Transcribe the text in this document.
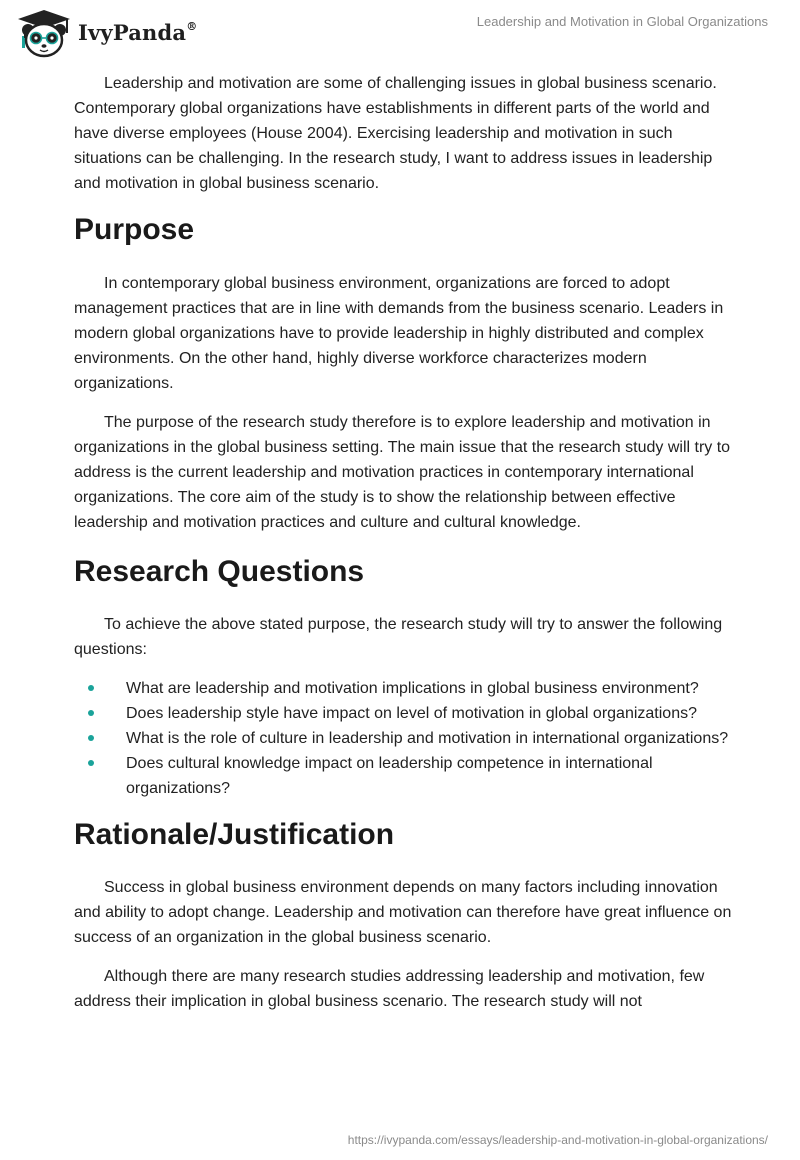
IvyPanda®	Leadership and Motivation in Global Organizations

Leadership and motivation are some of challenging issues in global business scenario. Contemporary global organizations have establishments in different parts of the world and have diverse employees (House 2004). Exercising leadership and motivation in such situations can be challenging. In the research study, I want to address issues in leadership and motivation in global business scenario.

Purpose

In contemporary global business environment, organizations are forced to adopt management practices that are in line with demands from the business scenario. Leaders in modern global organizations have to provide leadership in highly distributed and complex environments. On the other hand, highly diverse workforce characterizes modern organizations.

The purpose of the research study therefore is to explore leadership and motivation in organizations in the global business setting. The main issue that the research study will try to address is the current leadership and motivation practices in contemporary international organizations. The core aim of the study is to show the relationship between effective leadership and motivation practices and culture and cultural knowledge.

Research Questions

To achieve the above stated purpose, the research study will try to answer the following questions:

What are leadership and motivation implications in global business environment?
Does leadership style have impact on level of motivation in global organizations?
What is the role of culture in leadership and motivation in international organizations?
Does cultural knowledge impact on leadership competence in international organizations?
Rationale/Justification

Success in global business environment depends on many factors including innovation and ability to adopt change. Leadership and motivation can therefore have great influence on success of an organization in the global business scenario.

Although there are many research studies addressing leadership and motivation, few address their implication in global business scenario. The research study will not

https://ivypanda.com/essays/leadership-and-motivation-in-global-organizations/
